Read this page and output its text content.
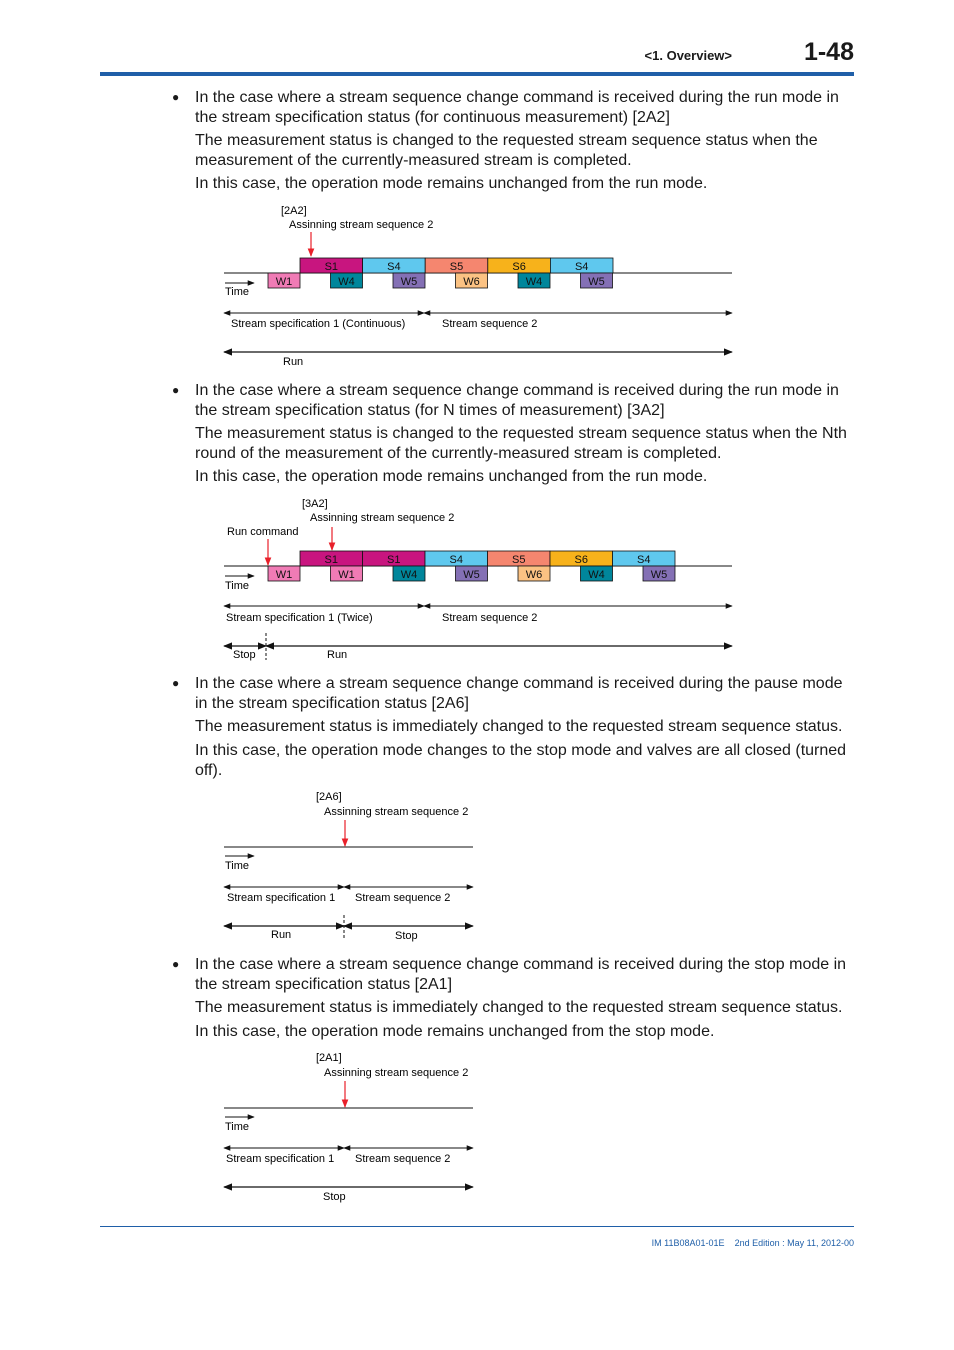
<1. Overview>	1-48
● In the case where a stream sequence change command is received during the run mode in the stream specification status (for continuous measurement) [2A2]

The measurement status is changed to the requested stream sequence status when the measurement of the currently-measured stream is completed.

In this case, the operation mode remains unchanged from the run mode.

● In the case where a stream sequence change command is received during the run mode in the stream specification status (for N times of measurement) [3A2]

The measurement status is changed to the requested stream sequence status when the Nth round of the measurement of the currently-measured stream is completed.

In this case, the operation mode remains unchanged from the run mode.

● In the case where a stream sequence change command is received during the pause mode in the stream specification status [2A6]

The measurement status is immediately changed to the requested stream sequence status.

In this case, the operation mode changes to the stop mode and valves are all closed (turned off).

● In the case where a stream sequence change command is received during the stop mode in the stream specification status [2A1]

The measurement status is immediately changed to the requested stream sequence status.

In this case, the operation mode remains unchanged from the stop mode.

[2A2]
Assinning stream sequence 2
S1	S4	S5	S6	S4
W1	W4	W5	W6	W4	W5
Time
Stream specification 1 (Continuous)	Stream sequence 2
Run
[3A2]
Assinning stream sequence 2
Run command
S1	S1	S4	S5	S6	S4
W1	W1	W4	W5	W6	W4	W5
Time
Stream specification 1 (Twice)	Stream sequence 2
Stop	Run
[2A6]
Assinning stream sequence 2
Time
Stream specification 1 Stream sequence 2
Run	Stop
[2A1]
Assinning stream sequence 2
Time
Stream specification 1 Stream sequence 2
Stop
IM 11B08A01-01E 2nd Edition : May 11, 2012-00
